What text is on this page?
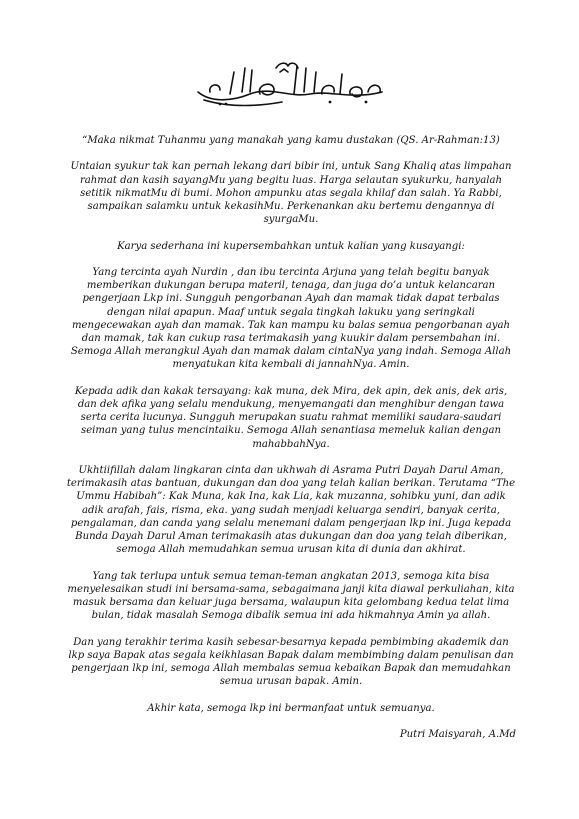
“Maka nikmat Tuhanmu yang manakah yang kamu dustakan (QS. Ar-Rahman:13)

Untaian syukur tak kan pernah lekang dari bibir ini, untuk Sang Khaliq atas limpahan rahmat dan kasih sayangMu yang begitu luas. Harga selautan syukurku, hanyalah setitik nikmatMu di bumi. Mohon ampunku atas segala khilaf dan salah. Ya Rabbi, sampaikan salamku untuk kekasihMu. Perkenankan aku bertemu dengannya di syurgaMu.

Karya sederhana ini kupersembahkan untuk kalian yang kusayangi:

Yang tercinta ayah Nurdin , dan ibu tercinta Arjuna yang telah begitu banyak memberikan dukungan berupa materil, tenaga, dan juga do’a untuk kelancaran pengerjaan Lkp ini. Sungguh pengorbanan Ayah dan mamak tidak dapat terbalas dengan nilai apapun. Maaf untuk segala tingkah lakuku yang seringkali mengecewakan ayah dan mamak. Tak kan mampu ku balas semua pengorbanan ayah dan mamak, tak kan cukup rasa terimakasih yang kuukir dalam persembahan ini. Semoga Allah merangkul Ayah dan mamak dalam cintaNya yang indah. Semoga Allah menyatukan kita kembali di jannahNya. Amin.

Kepada adik dan kakak tersayang: kak muna, dek Mira, dek apin, dek anis, dek aris, dan dek afika yang selalu mendukung, menyemangati dan menghibur dengan tawa serta cerita lucunya. Sungguh merupakan suatu rahmat memiliki saudara-saudari seiman yang tulus mencintaiku. Semoga Allah senantiasa memeluk kalian dengan mahabbahNya.

Ukhtiifillah dalam lingkaran cinta dan ukhwah di Asrama Putri Dayah Darul Aman, terimakasih atas bantuan, dukungan dan doa yang telah kalian berikan. Terutama “The Ummu Habibah”: Kak Muna, kak Ina, kak Lia, kak muzanna, sohibku yuni, dan adik adik arafah, fais, risma, eka. yang sudah menjadi keluarga sendiri, banyak cerita, pengalaman, dan canda yang selalu menemani dalam pengerjaan lkp ini. Juga kepada Bunda Dayah Darul Aman terimakasih atas dukungan dan doa yang telah diberikan, semoga Allah memudahkan semua urusan kita di dunia dan akhirat.

Yang tak terlupa untuk semua teman-teman angkatan 2013, semoga kita bisa menyelesaikan studi ini bersama-sama, sebagaimana janji kita diawal perkuliahan, kita masuk bersama dan keluar juga bersama, walaupun kita gelombang kedua telat lima bulan, tidak masalah Semoga dibalik semua ini ada hikmahnya Amin ya allah.

Dan yang terakhir terima kasih sebesar-besarnya kepada pembimbing akademik dan lkp saya Bapak atas segala keikhlasan Bapak dalam membimbing dalam penulisan dan pengerjaan lkp ini, semoga Allah membalas semua kebaikan Bapak dan memudahkan semua urusan bapak. Amin.

Akhir kata, semoga lkp ini bermanfaat untuk semuanya.

Putri Maisyarah, A.Md
